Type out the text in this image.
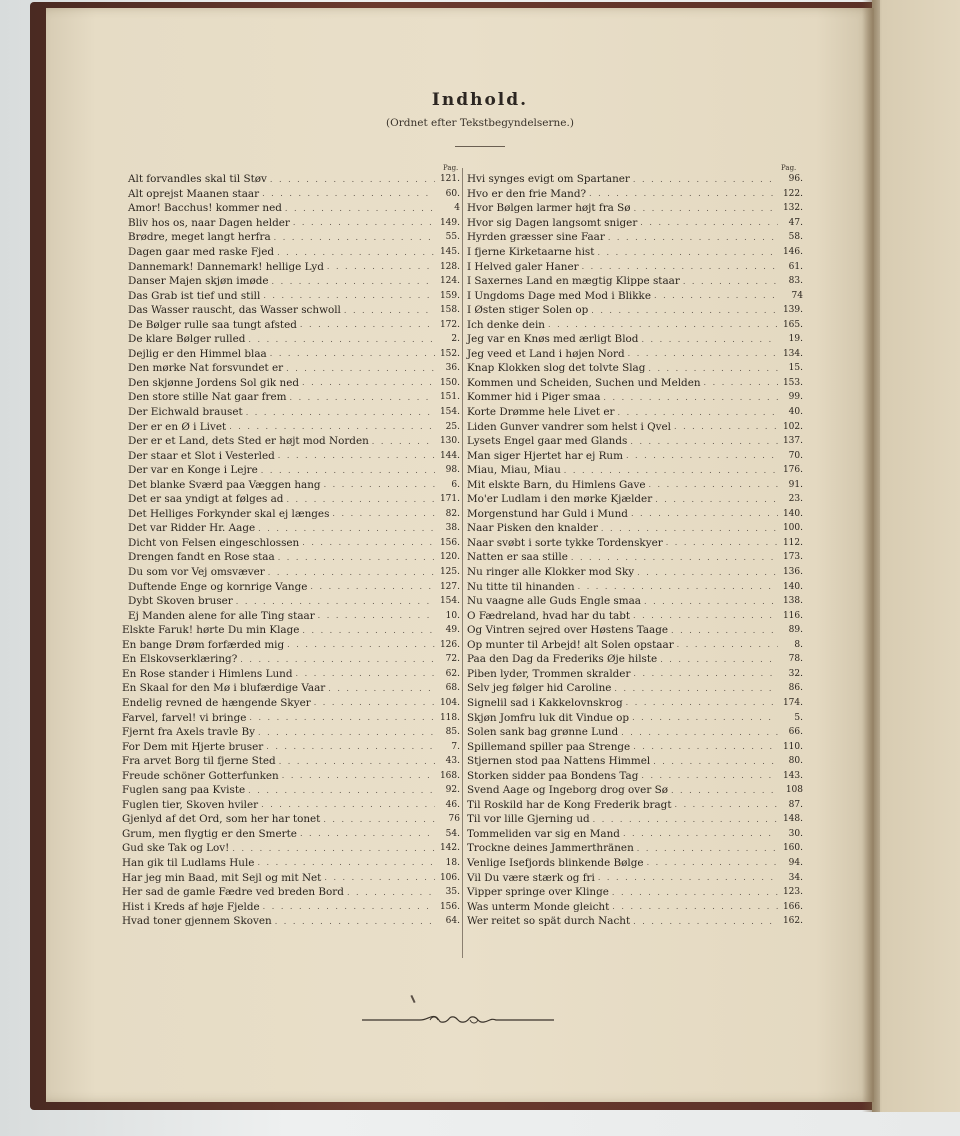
Indhold.
(Ordnet efter Tekstbegyndelserne.)
Pag.	Pag.
Alt forvandles skal til Støv . . .	121.
Alt oprejst Maanen staar . . .	60.
Amor! Bacchus! kommer ned . . .	4
Bliv hos os, naar Dagen helder . . .	149.
Brødre, meget langt herfra . . .	55.
Dagen gaar med raske Fjed . . .	145.
Dannemark! Dannemark! hellige Lyd . . .	128.
Danser Majen skjøn imøde . . .	124.
Das Grab ist tief und still . . .	159.
Das Wasser rauscht, das Wasser schwoll . . .	158.
De Bølger rulle saa tungt afsted . . .	172.
De klare Bølger rulled . . .	2.
Dejlig er den Himmel blaa . . .	152.
Den mørke Nat forsvundet er . . .	36.
Den skjønne Jordens Sol gik ned . . .	150.
Den store stille Nat gaar frem . . .	151.
Der Eichwald brauset . . .	154.
Der er en Ø i Livet . . .	25.
Der er et Land, dets Sted er højt mod Norden . . .	130.
Der staar et Slot i Vesterled . . .	144.
Der var en Konge i Lejre . . .	98.
Det blanke Sværd paa Væggen hang . . .	6.
Det er saa yndigt at følges ad . . .	171.
Det Helliges Forkynder skal ej længes . . .	82.
Det var Ridder Hr. Aage . . .	38.
Dicht von Felsen eingeschlossen . . .	156.
Drengen fandt en Rose staa . . .	120.
Du som vor Vej omsvæver . . .	125.
Duftende Enge og kornrige Vange . . .	127.
Dybt Skoven bruser . . .	154.
Ej Manden alene for alle Ting staar . . .	10.
Elskte Faruk! hørte Du min Klage . . .	49.
En bange Drøm forfærded mig . . .	126.
En Elskovserklæring? . . .	72.
En Rose stander i Himlens Lund . . .	62.
En Skaal for den Mø i blufærdige Vaar . . .	68.
Endelig revned de hængende Skyer . . .	104.
Farvel, farvel! vi bringe . . .	118.
Fjernt fra Axels travle By . . .	85.
For Dem mit Hjerte bruser . . .	7.
Fra arvet Borg til fjerne Sted . . .	43.
Freude schöner Gotterfunken . . .	168.
Fuglen sang paa Kviste . . .	92.
Fuglen tier, Skoven hviler . . .	46.
Gjenlyd af det Ord, som her har tonet . . .	76
Grum, men flygtig er den Smerte . . .	54.
Gud ske Tak og Lov! . . .	142.
Han gik til Ludlams Hule . . .	18.
Har jeg min Baad, mit Sejl og mit Net . . .	106.
Her sad de gamle Fædre ved breden Bord . . .	35.
Hist i Kreds af høje Fjelde . . .	156.
Hvad toner gjennem Skoven . . .	64.
Hvi synges evigt om Spartaner . . .	96.
Hvo er den frie Mand? . . .	122.
Hvor Bølgen larmer højt fra Sø . . .	132.
Hvor sig Dagen langsomt sniger . . .	47.
Hyrden græsser sine Faar . . .	58.
I fjerne Kirketaarne hist . . .	146.
I Helved galer Haner . . .	61.
I Saxernes Land en mægtig Klippe staar . . .	83.
I Ungdoms Dage med Mod i Blikke . . .	74
I Østen stiger Solen op . . .	139.
Ich denke dein . . .	165.
Jeg var en Knøs med ærligt Blod . . .	19.
Jeg veed et Land i højen Nord . . .	134.
Knap Klokken slog det tolvte Slag . . .	15.
Kommen und Scheiden, Suchen und Melden . . .	153.
Kommer hid i Piger smaa . . .	99.
Korte Drømme hele Livet er . . .	40.
Liden Gunver vandrer som helst i Qvel . . .	102.
Lysets Engel gaar med Glands . . .	137.
Man siger Hjertet har ej Rum . . .	70.
Miau, Miau, Miau . . .	176.
Mit elskte Barn, du Himlens Gave . . .	91.
Mo'er Ludlam i den mørke Kjælder . . .	23.
Morgenstund har Guld i Mund . . .	140.
Naar Pisken den knalder . . .	100.
Naar svøbt i sorte tykke Tordenskyer . . .	112.
Natten er saa stille . . .	173.
Nu ringer alle Klokker mod Sky . . .	136.
Nu titte til hinanden . . .	140.
Nu vaagne alle Guds Engle smaa . . .	138.
O Fædreland, hvad har du tabt . . .	116.
Og Vintren sejred over Høstens Taage . . .	89.
Op munter til Arbejd! alt Solen opstaar . . .	8.
Paa den Dag da Frederiks Øje hilste . . .	78.
Piben lyder, Trommen skralder . . .	32.
Selv jeg følger hid Caroline . . .	86.
Signelil sad i Kakkelovnskrog . . .	174.
Skjøn Jomfru luk dit Vindue op . . .	5.
Solen sank bag grønne Lund . . .	66.
Spillemand spiller paa Strenge . . .	110.
Stjernen stod paa Nattens Himmel . . .	80.
Storken sidder paa Bondens Tag . . .	143.
Svend Aage og Ingeborg drog over Sø . . .	108
Til Roskild har de Kong Frederik bragt . . .	87.
Til vor lille Gjerning ud . . .	148.
Tommeliden var sig en Mand . . .	30.
Trockne deines Jammerthränen . . .	160.
Venlige Isefjords blinkende Bølge . . .	94.
Vil Du være stærk og fri . . .	34.
Vipper springe over Klinge . . .	123.
Was unterm Monde gleicht . . .	166.
Wer reitet so spät durch Nacht . . .	162.
